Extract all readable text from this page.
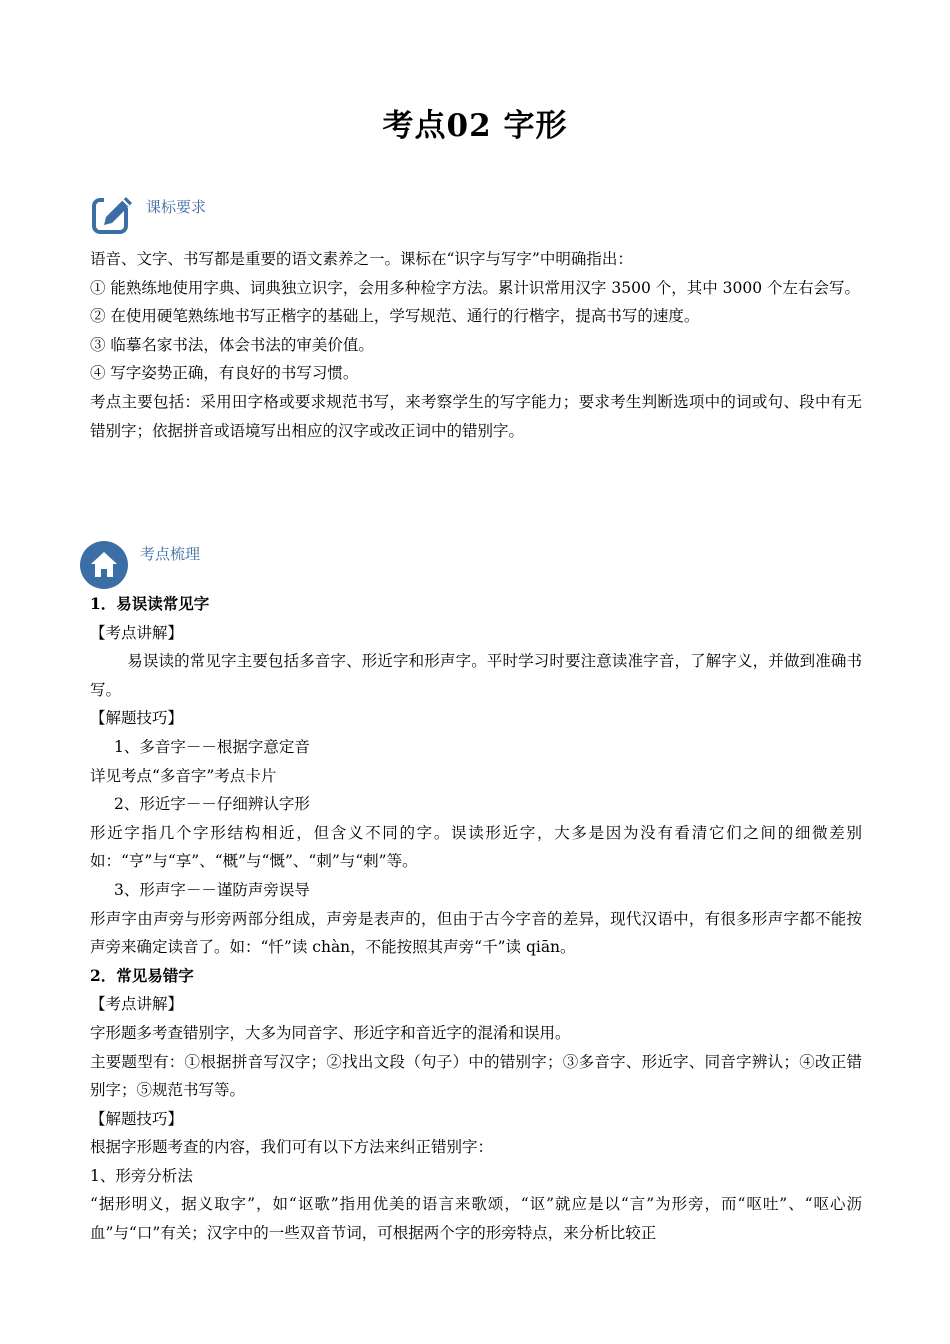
考点02 字形
课标要求

语音、文字、书写都是重要的语文素养之一。课标在“识字与写字”中明确指出：

① 能熟练地使用字典、词典独立识字，会用多种检字方法。累计识常用汉字 3500 个，其中 3000 个左右会写。

② 在使用硬笔熟练地书写正楷字的基础上，学写规范、通行的行楷字，提高书写的速度。

③ 临摹名家书法，体会书法的审美价值。

④ 写字姿势正确，有良好的书写习惯。

考点主要包括：采用田字格或要求规范书写，来考察学生的写字能力；要求考生判断选项中的词或句、段中有无错别字；依据拼音或语境写出相应的汉字或改正词中的错别字。

考点梳理

1．易误读常见字

【考点讲解】

易误读的常见字主要包括多音字、形近字和形声字。平时学习时要注意读准字音，了解字义，并做到准确书写。

【解题技巧】

1、多音字－－根据字意定音

详见考点“多音字”考点卡片

2、形近字－－仔细辨认字形

形近字指几个字形结构相近，但含义不同的字。误读形近字，大多是因为没有看清它们之间的细微差别如：“亨”与“享”、“概”与“慨”、“刺”与“剌”等。

3、形声字－－谨防声旁误导

形声字由声旁与形旁两部分组成，声旁是表声的，但由于古今字音的差异，现代汉语中，有很多形声字都不能按声旁来确定读音了。如：“忏”读 chàn，不能按照其声旁“千”读 qiān。

2．常见易错字

【考点讲解】

字形题多考查错别字，大多为同音字、形近字和音近字的混淆和误用。

主要题型有：①根据拼音写汉字；②找出文段（句子）中的错别字；③多音字、形近字、同音字辨认；④改正错别字；⑤规范书写等。

【解题技巧】

根据字形题考查的内容，我们可有以下方法来纠正错别字：

1、形旁分析法

“据形明义，据义取字”，如“讴歌”指用优美的语言来歌颂，“讴”就应是以“言”为形旁，而“呕吐”、“呕心沥血”与“口”有关；汉字中的一些双音节词，可根据两个字的形旁特点，来分析比较正
